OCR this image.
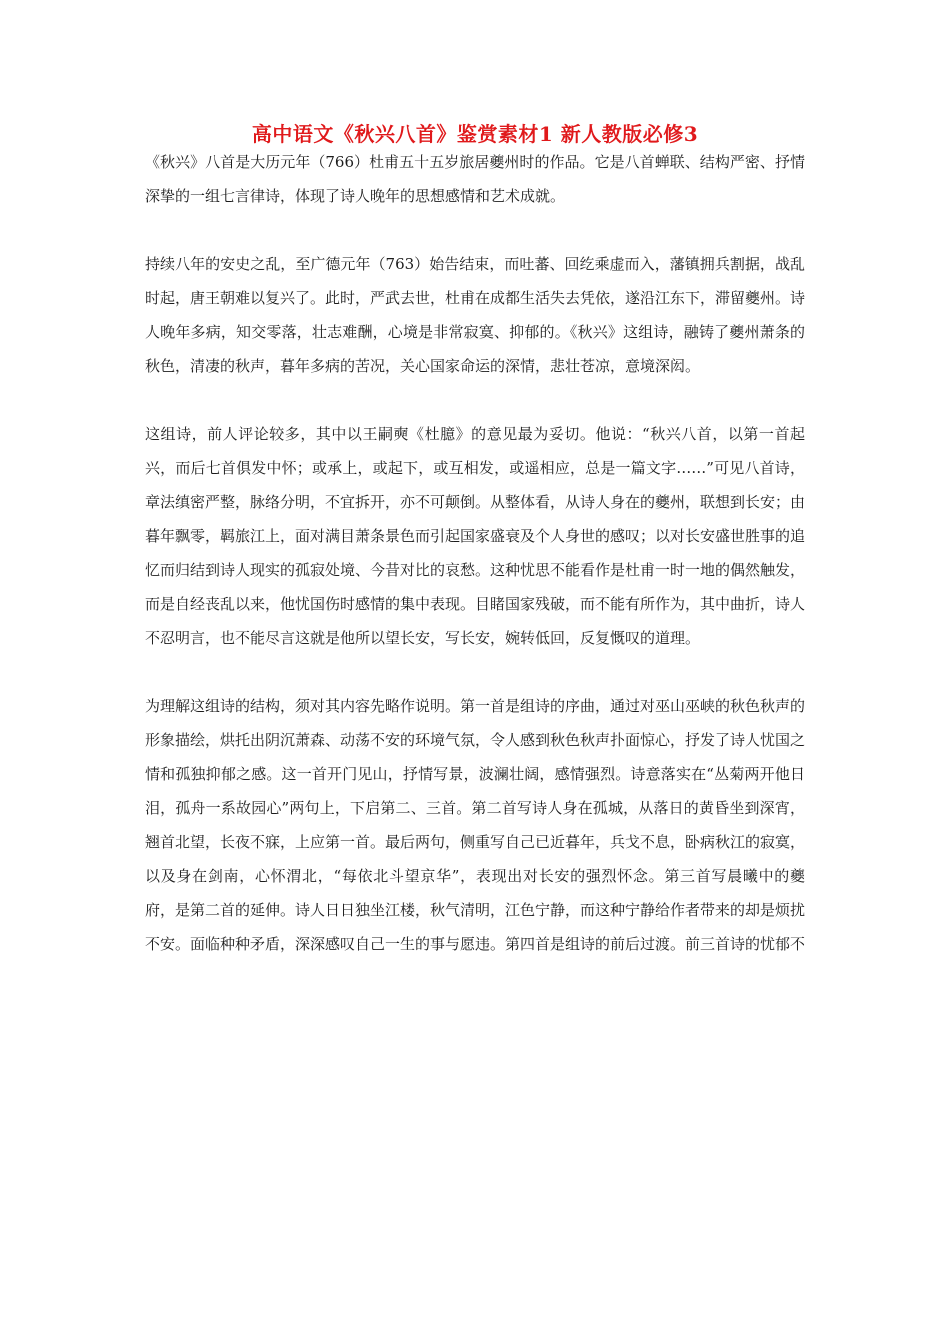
高中语文《秋兴八首》鉴赏素材1 新人教版必修3

《秋兴》八首是大历元年（766）杜甫五十五岁旅居夔州时的作品。它是八首蝉联、结构严密、抒情深挚的一组七言律诗，体现了诗人晚年的思想感情和艺术成就。

持续八年的安史之乱，至广德元年（763）始告结束，而吐蕃、回纥乘虚而入，藩镇拥兵割据，战乱时起，唐王朝难以复兴了。此时，严武去世，杜甫在成都生活失去凭依，遂沿江东下，滞留夔州。诗人晚年多病，知交零落，壮志难酬，心境是非常寂寞、抑郁的。《秋兴》这组诗，融铸了夔州萧条的秋色，清凄的秋声，暮年多病的苦况，关心国家命运的深情，悲壮苍凉，意境深闳。

这组诗，前人评论较多，其中以王嗣奭《杜臆》的意见最为妥切。他说：“秋兴八首，以第一首起兴，而后七首俱发中怀；或承上，或起下，或互相发，或遥相应，总是一篇文字……”可见八首诗，章法缜密严整，脉络分明，不宜拆开，亦不可颠倒。从整体看，从诗人身在的夔州，联想到长安；由暮年飘零，羁旅江上，面对满目萧条景色而引起国家盛衰及个人身世的感叹；以对长安盛世胜事的追忆而归结到诗人现实的孤寂处境、今昔对比的哀愁。这种忧思不能看作是杜甫一时一地的偶然触发，而是自经丧乱以来，他忧国伤时感情的集中表现。目睹国家残破，而不能有所作为，其中曲折，诗人不忍明言，也不能尽言这就是他所以望长安，写长安，婉转低回，反复慨叹的道理。

为理解这组诗的结构，须对其内容先略作说明。第一首是组诗的序曲，通过对巫山巫峡的秋色秋声的形象描绘，烘托出阴沉萧森、动荡不安的环境气氛，令人感到秋色秋声扑面惊心，抒发了诗人忧国之情和孤独抑郁之感。这一首开门见山，抒情写景，波澜壮阔，感情强烈。诗意落实在“丛菊两开他日泪，孤舟一系故园心”两句上，下启第二、三首。第二首写诗人身在孤城，从落日的黄昏坐到深宵，翘首北望，长夜不寐，上应第一首。最后两句，侧重写自己已近暮年，兵戈不息，卧病秋江的寂寞，以及身在剑南，心怀渭北，“每依北斗望京华”，表现出对长安的强烈怀念。第三首写晨曦中的夔府，是第二首的延伸。诗人日日独坐江楼，秋气清明，江色宁静，而这种宁静给作者带来的却是烦扰不安。面临种种矛盾，深深感叹自己一生的事与愿违。第四首是组诗的前后过渡。前三首诗的忧郁不
